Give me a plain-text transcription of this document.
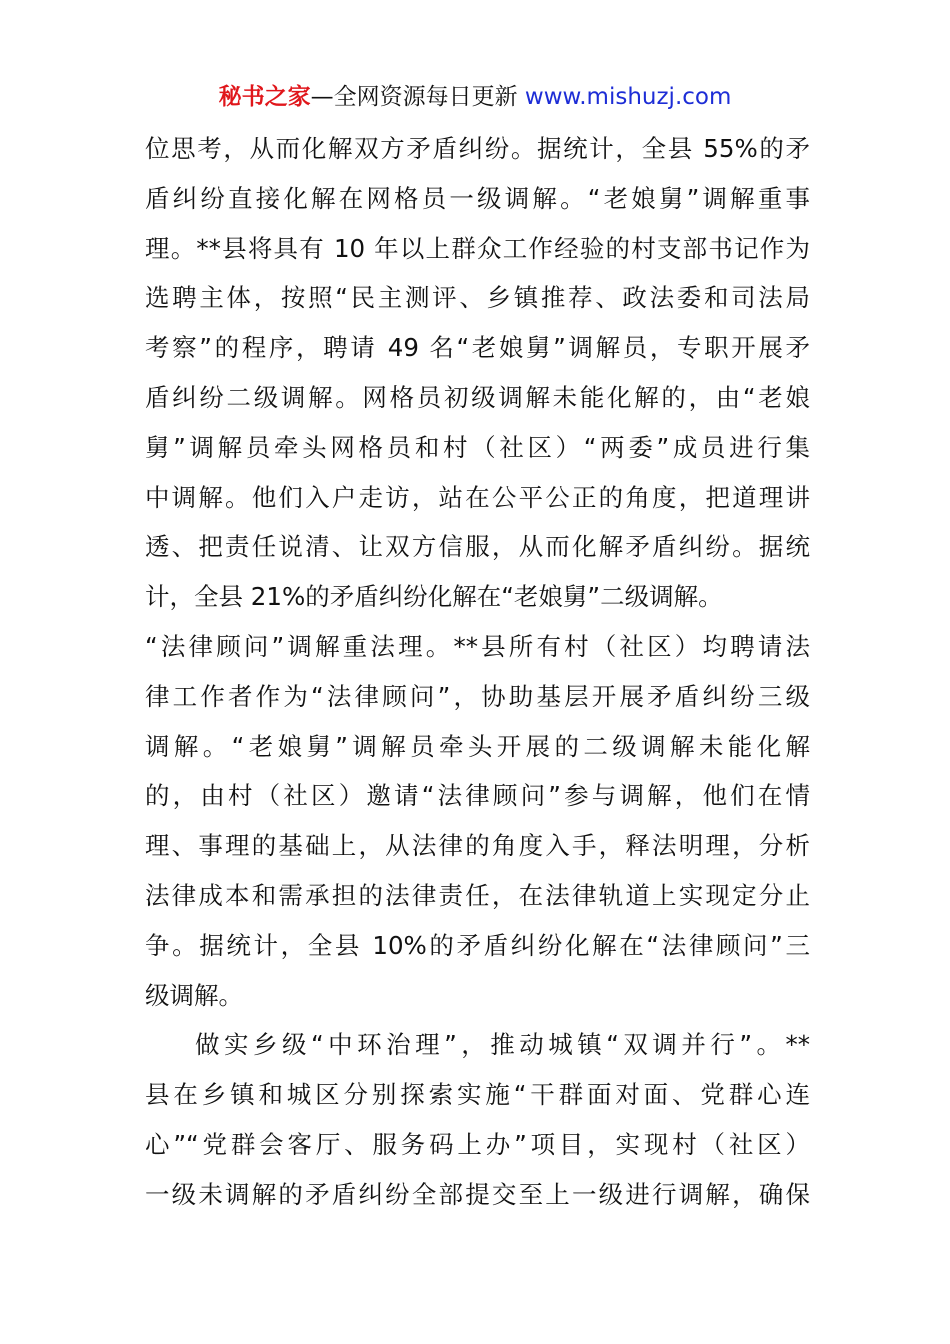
秘书之家—全网资源每日更新 www.mishuzj.com
位思考，从而化解双方矛盾纠纷。据统计，全县 55%的矛
盾纠纷直接化解在网格员一级调解。“老娘舅”调解重事
理。**县将具有 10 年以上群众工作经验的村支部书记作为
选聘主体，按照“民主测评、乡镇推荐、政法委和司法局
考察”的程序，聘请 49 名“老娘舅”调解员，专职开展矛
盾纠纷二级调解。网格员初级调解未能化解的，由“老娘
舅”调解员牵头网格员和村（社区）“两委”成员进行集
中调解。他们入户走访，站在公平公正的角度，把道理讲
透、把责任说清、让双方信服，从而化解矛盾纠纷。据统
计，全县 21%的矛盾纠纷化解在“老娘舅”二级调解。
“法律顾问”调解重法理。**县所有村（社区）均聘请法
律工作者作为“法律顾问”，协助基层开展矛盾纠纷三级
调解。“老娘舅”调解员牵头开展的二级调解未能化解
的，由村（社区）邀请“法律顾问”参与调解，他们在情
理、事理的基础上，从法律的角度入手，释法明理，分析
法律成本和需承担的法律责任，在法律轨道上实现定分止
争。据统计，全县 10%的矛盾纠纷化解在“法律顾问”三
级调解。
做实乡级“中环治理”，推动城镇“双调并行”。**
县在乡镇和城区分别探索实施“干群面对面、党群心连
心”“党群会客厅、服务码上办”项目，实现村（社区）
一级未调解的矛盾纠纷全部提交至上一级进行调解，确保
